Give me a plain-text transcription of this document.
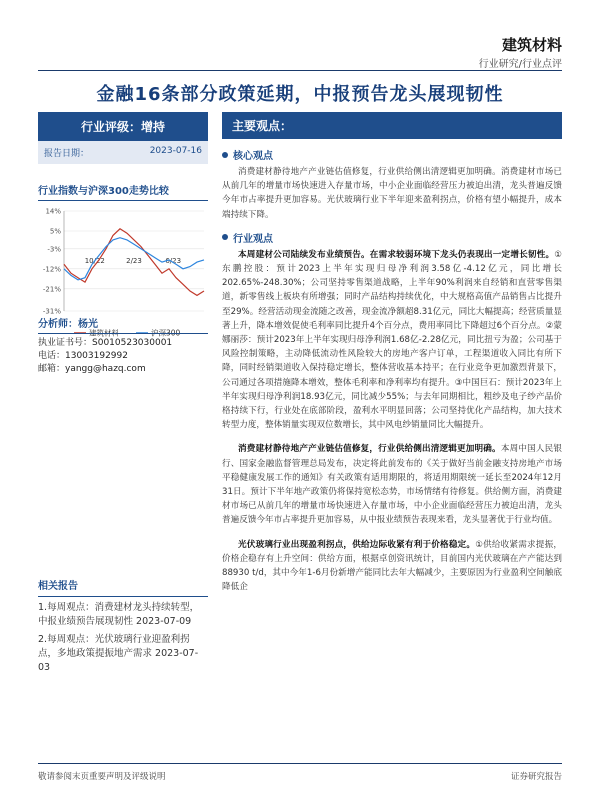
建筑材料
行业研究/行业点评
金融16条部分政策延期，中报预告龙头展现韧性
行业评级：增持
报告日期：	2023-07-16
行业指数与沪深300走势比较
14%
5%
-3%
-12%
-21%
-31%
10/22	2/23	6/23
建筑材料	沪深300
分析师：杨光
执业证书号：S0010523030001
电话：13003192992
邮箱：yangg@hazq.com
相关报告
1.每周观点：消费建材龙头持续转型，中报业绩预告展现韧性 2023-07-09
2.每周观点：光伏玻璃行业迎盈利拐点，多地政策提振地产需求 2023-07-03
主要观点：
核心观点

消费建材静待地产产业链估值修复，行业供给侧出清逻辑更加明确。消费建材市场已从前几年的增量市场快速进入存量市场，中小企业面临经营压力被迫出清，龙头普遍反馈今年市占率提升更加容易。光伏玻璃行业下半年迎来盈利拐点，价格有望小幅提升，成本端持续下降。

行业观点

本周建材公司陆续发布业绩预告。在需求较弱环境下龙头仍表现出一定增长韧性。①东鹏控股：预计2023上半年实现归母净利润3.58亿-4.12亿元，同比增长202.65%-248.30%；公司坚持零售渠道战略，上半年90%利润来自经销和直营零售渠道，新零售线上板块有所增强；同时产品结构持续优化，中大规格高值产品销售占比提升至29%。经营活动现金流随之改善，现金流净额超8.31亿元，同比大幅提高；经营质量显著上升，降本增效促使毛利率同比提升4个百分点，费用率同比下降超过6个百分点。②蒙娜丽莎：预计2023年上半年实现归母净利润1.68亿-2.28亿元，同比扭亏为盈；公司基于风险控制策略，主动降低流动性风险较大的房地产客户订单，工程渠道收入同比有所下降，同时经销渠道收入保持稳定增长，整体营收基本持平；在行业竞争更加激烈背景下，公司通过各项措施降本增效，整体毛利率和净利率均有提升。③中国巨石：预计2023年上半年实现归母净利润18.93亿元，同比减少55%；与去年同期相比，粗纱及电子纱产品价格持续下行，行业处在底部阶段，盈利水平明显回落；公司坚持优化产品结构，加大技术转型力度，整体销量实现双位数增长，其中风电纱销量同比大幅提升。

消费建材静待地产产业链估值修复，行业供给侧出清逻辑更加明确。本周中国人民银行、国家金融监督管理总局发布，决定将此前发布的《关于做好当前金融支持房地产市场平稳健康发展工作的通知》有关政策有适用期限的，将适用期限统一延长至2024年12月31日。预计下半年地产政策仍将保持宽松态势，市场情绪有待修复。供给侧方面，消费建材市场已从前几年的增量市场快速进入存量市场，中小企业面临经营压力被迫出清，龙头普遍反馈今年市占率提升更加容易，从中报业绩预告表现来看，龙头显著优于行业均值。

光伏玻璃行业出现盈利拐点，供给边际收紧有利于价格稳定。①供给收紧需求提振，价格企稳存有上升空间：供给方面，根据卓创资讯统计，目前国内光伏玻璃在产产能达到88930 t/d，其中今年1-6月份新增产能同比去年大幅减少，主要原因为行业盈利空间触底降低企

敬请参阅末页重要声明及评级说明	证券研究报告
